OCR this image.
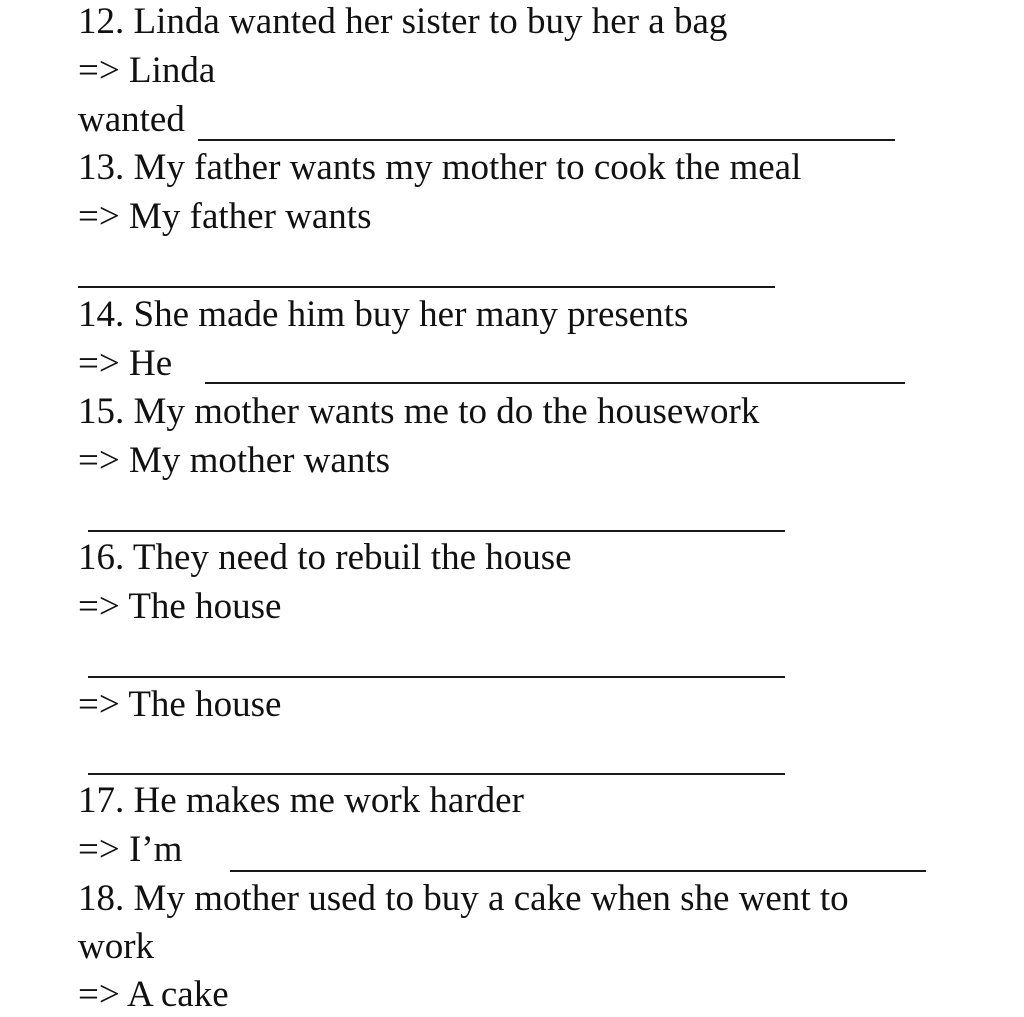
12. Linda wanted her sister to buy her a bag
=> Linda
wanted
13. My father wants my mother to cook the meal
=> My father wants
14. She made him buy her many presents
=> He
15. My mother wants me to do the housework
=> My mother wants
16. They need to rebuil the house
=> The house
=> The house
17. He makes me work harder
=> I’m
18. My mother used to buy a cake when she went to
work
=> A cake
